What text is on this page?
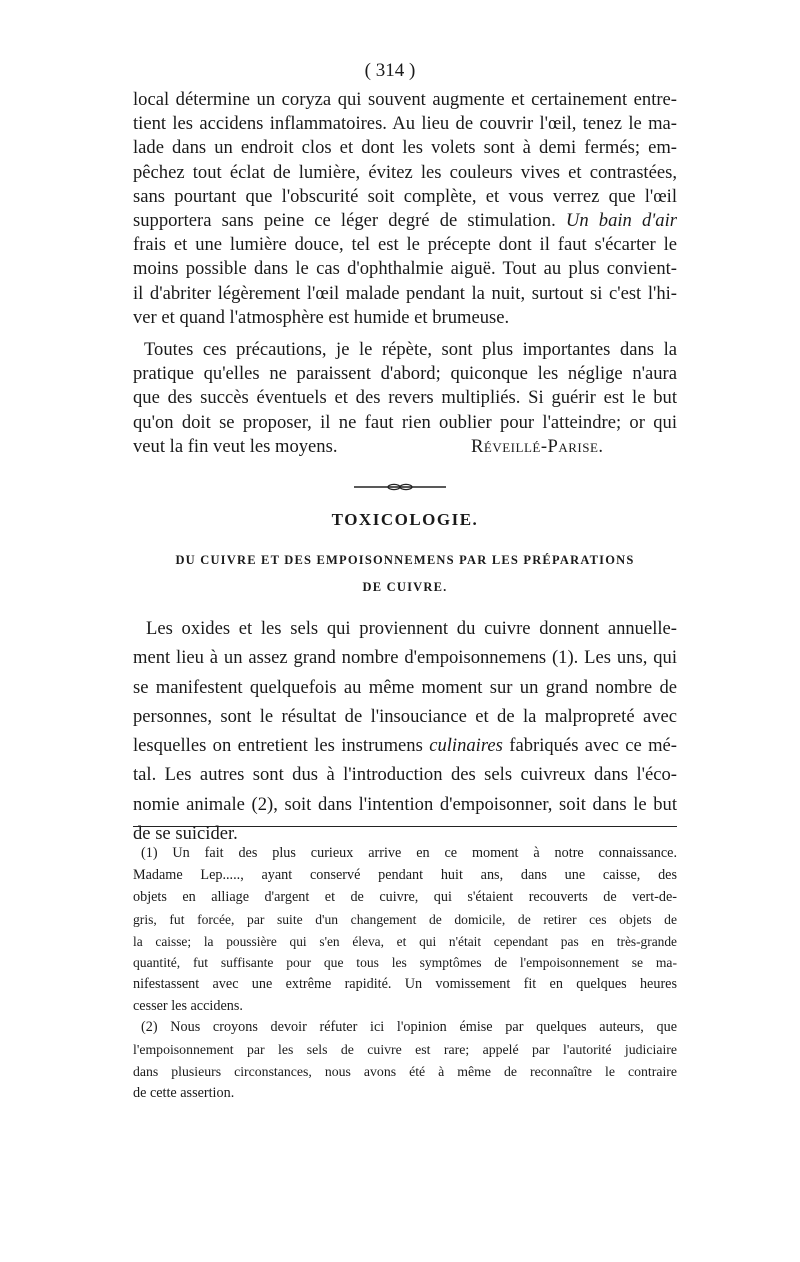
( 314 )
local détermine un coryza qui souvent augmente et certainement entre-
tient les accidens inflammatoires. Au lieu de couvrir l'œil, tenez le ma-
lade dans un endroit clos et dont les volets sont à demi fermés; em-
pêchez tout éclat de lumière, évitez les couleurs vives et contrastées,
sans pourtant que l'obscurité soit complète, et vous verrez que l'œil
supportera sans peine ce léger degré de stimulation. Un bain d'air
frais et une lumière douce, tel est le précepte dont il faut s'écarter le
moins possible dans le cas d'ophthalmie aiguë. Tout au plus convient-
il d'abriter légèrement l'œil malade pendant la nuit, surtout si c'est l'hi-
ver et quand l'atmosphère est humide et brumeuse.
Toutes ces précautions, je le répète, sont plus importantes dans la
pratique qu'elles ne paraissent d'abord; quiconque les néglige n'aura
que des succès éventuels et des revers multipliés. Si guérir est le but
qu'on doit se proposer, il ne faut rien oublier pour l'atteindre; or qui
veut la fin veut les moyens.	Réveillé-Parise.
TOXICOLOGIE.
DU CUIVRE ET DES EMPOISONNEMENS PAR LES PRÉPARATIONS
DE CUIVRE.
Les oxides et les sels qui proviennent du cuivre donnent annuelle-
ment lieu à un assez grand nombre d'empoisonnemens (1). Les uns, qui
se manifestent quelquefois au même moment sur un grand nombre de
personnes, sont le résultat de l'insouciance et de la malpropreté avec
lesquelles on entretient les instrumens culinaires fabriqués avec ce mé-
tal. Les autres sont dus à l'introduction des sels cuivreux dans l'éco-
nomie animale (2), soit dans l'intention d'empoisonner, soit dans le but
de se suicider.
(1) Un fait des plus curieux arrive en ce moment à notre connaissance.
Madame Lep....., ayant conservé pendant huit ans, dans une caisse, des
objets en alliage d'argent et de cuivre, qui s'étaient recouverts de vert-de-
gris, fut forcée, par suite d'un changement de domicile, de retirer ces objets de
la caisse; la poussière qui s'en éleva, et qui n'était cependant pas en très-grande
quantité, fut suffisante pour que tous les symptômes de l'empoisonnement se ma-
nifestassent avec une extrême rapidité. Un vomissement fit en quelques heures
cesser les accidens.
(2) Nous croyons devoir réfuter ici l'opinion émise par quelques auteurs, que
l'empoisonnement par les sels de cuivre est rare; appelé par l'autorité judiciaire
dans plusieurs circonstances, nous avons été à même de reconnaître le contraire
de cette assertion.
